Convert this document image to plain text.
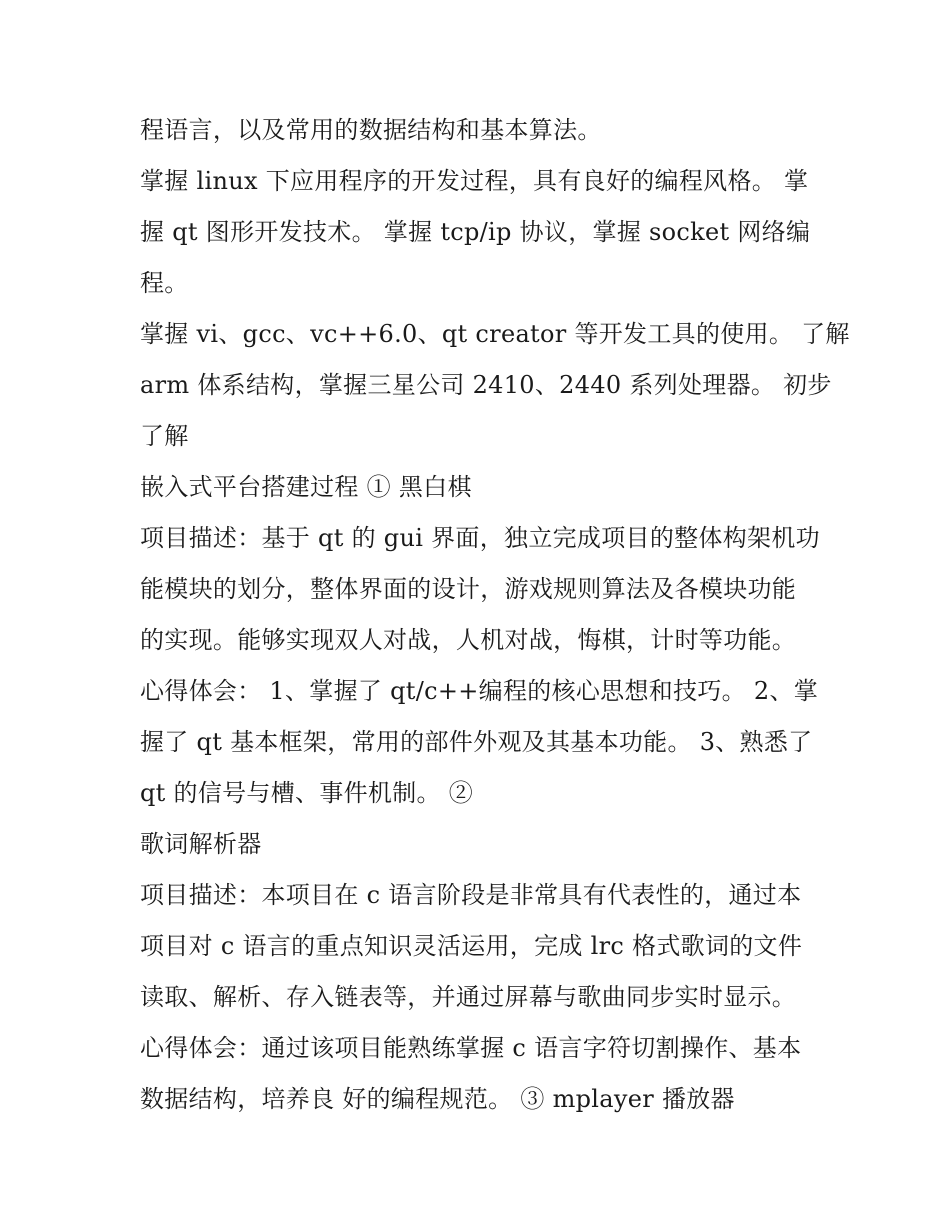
程语言，以及常用的数据结构和基本算法。
掌握 linux 下应用程序的开发过程，具有良好的编程风格。 掌
握 qt 图形开发技术。 掌握 tcp/ip 协议，掌握 socket 网络编
程。
掌握 vi、gcc、vc++6.0、qt creator 等开发工具的使用。 了解
arm 体系结构，掌握三星公司 2410、2440 系列处理器。 初步
了解
嵌入式平台搭建过程 ① 黑白棋
项目描述：基于 qt 的 gui 界面，独立完成项目的整体构架机功
能模块的划分，整体界面的设计，游戏规则算法及各模块功能
的实现。能够实现双人对战，人机对战，悔棋，计时等功能。
心得体会： 1、掌握了 qt/c++编程的核心思想和技巧。 2、掌
握了 qt 基本框架，常用的部件外观及其基本功能。 3、熟悉了
qt 的信号与槽、事件机制。 ②
歌词解析器
项目描述：本项目在 c 语言阶段是非常具有代表性的，通过本
项目对 c 语言的重点知识灵活运用，完成 lrc 格式歌词的文件
读取、解析、存入链表等，并通过屏幕与歌曲同步实时显示。
心得体会：通过该项目能熟练掌握 c 语言字符切割操作、基本
数据结构，培养良 好的编程规范。 ③ mplayer 播放器
